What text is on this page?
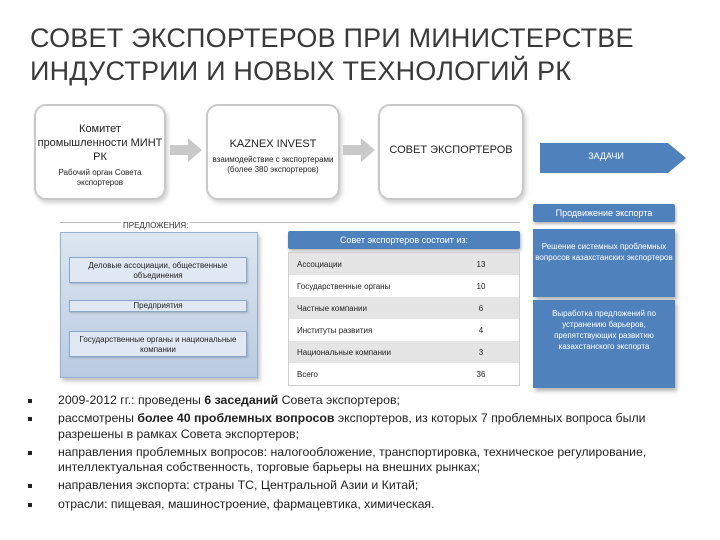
СОВЕТ ЭКСПОРТЕРОВ ПРИ МИНИСТЕРСТВЕ
ИНДУСТРИИ И НОВЫХ ТЕХНОЛОГИЙ РК
Комитет промышленности МИНТ РК
Рабочий орган Совета экспортеров
KAZNEX INVEST
взаимодействие с экспортерами (более 380 экспортеров)
СОВЕТ ЭКСПОРТЕРОВ	ЗАДАЧИ
Продвижение экспорта
ПРЕДЛОЖЕНИЯ:
Деловые ассоциации, общественные объединения
Предприятия
Государственные органы и национальные компании
Совет экспортеров состоит из:
Ассоциации	13
Государственные органы	10
Частные компании	6
Институты развития	4
Национальные компании	3
Всего	36
Решение системных проблемных вопросов казахстанских экспортеров
Выработка предложений по устранению барьеров, препятствующих развитию казахстанского экспорта
2009-2012 гг.: проведены 6 заседаний Совета экспортеров;
рассмотрены более 40 проблемных вопросов экспортеров, из которых 7 проблемных вопроса были разрешены в рамках Совета экспортеров;
направления проблемных вопросов: налогообложение, транспортировка, техническое регулирование, интеллектуальная собственность, торговые барьеры на внешних рынках;
направления экспорта: страны ТС, Центральной Азии и Китай;
отрасли: пищевая, машиностроение, фармацевтика, химическая.
